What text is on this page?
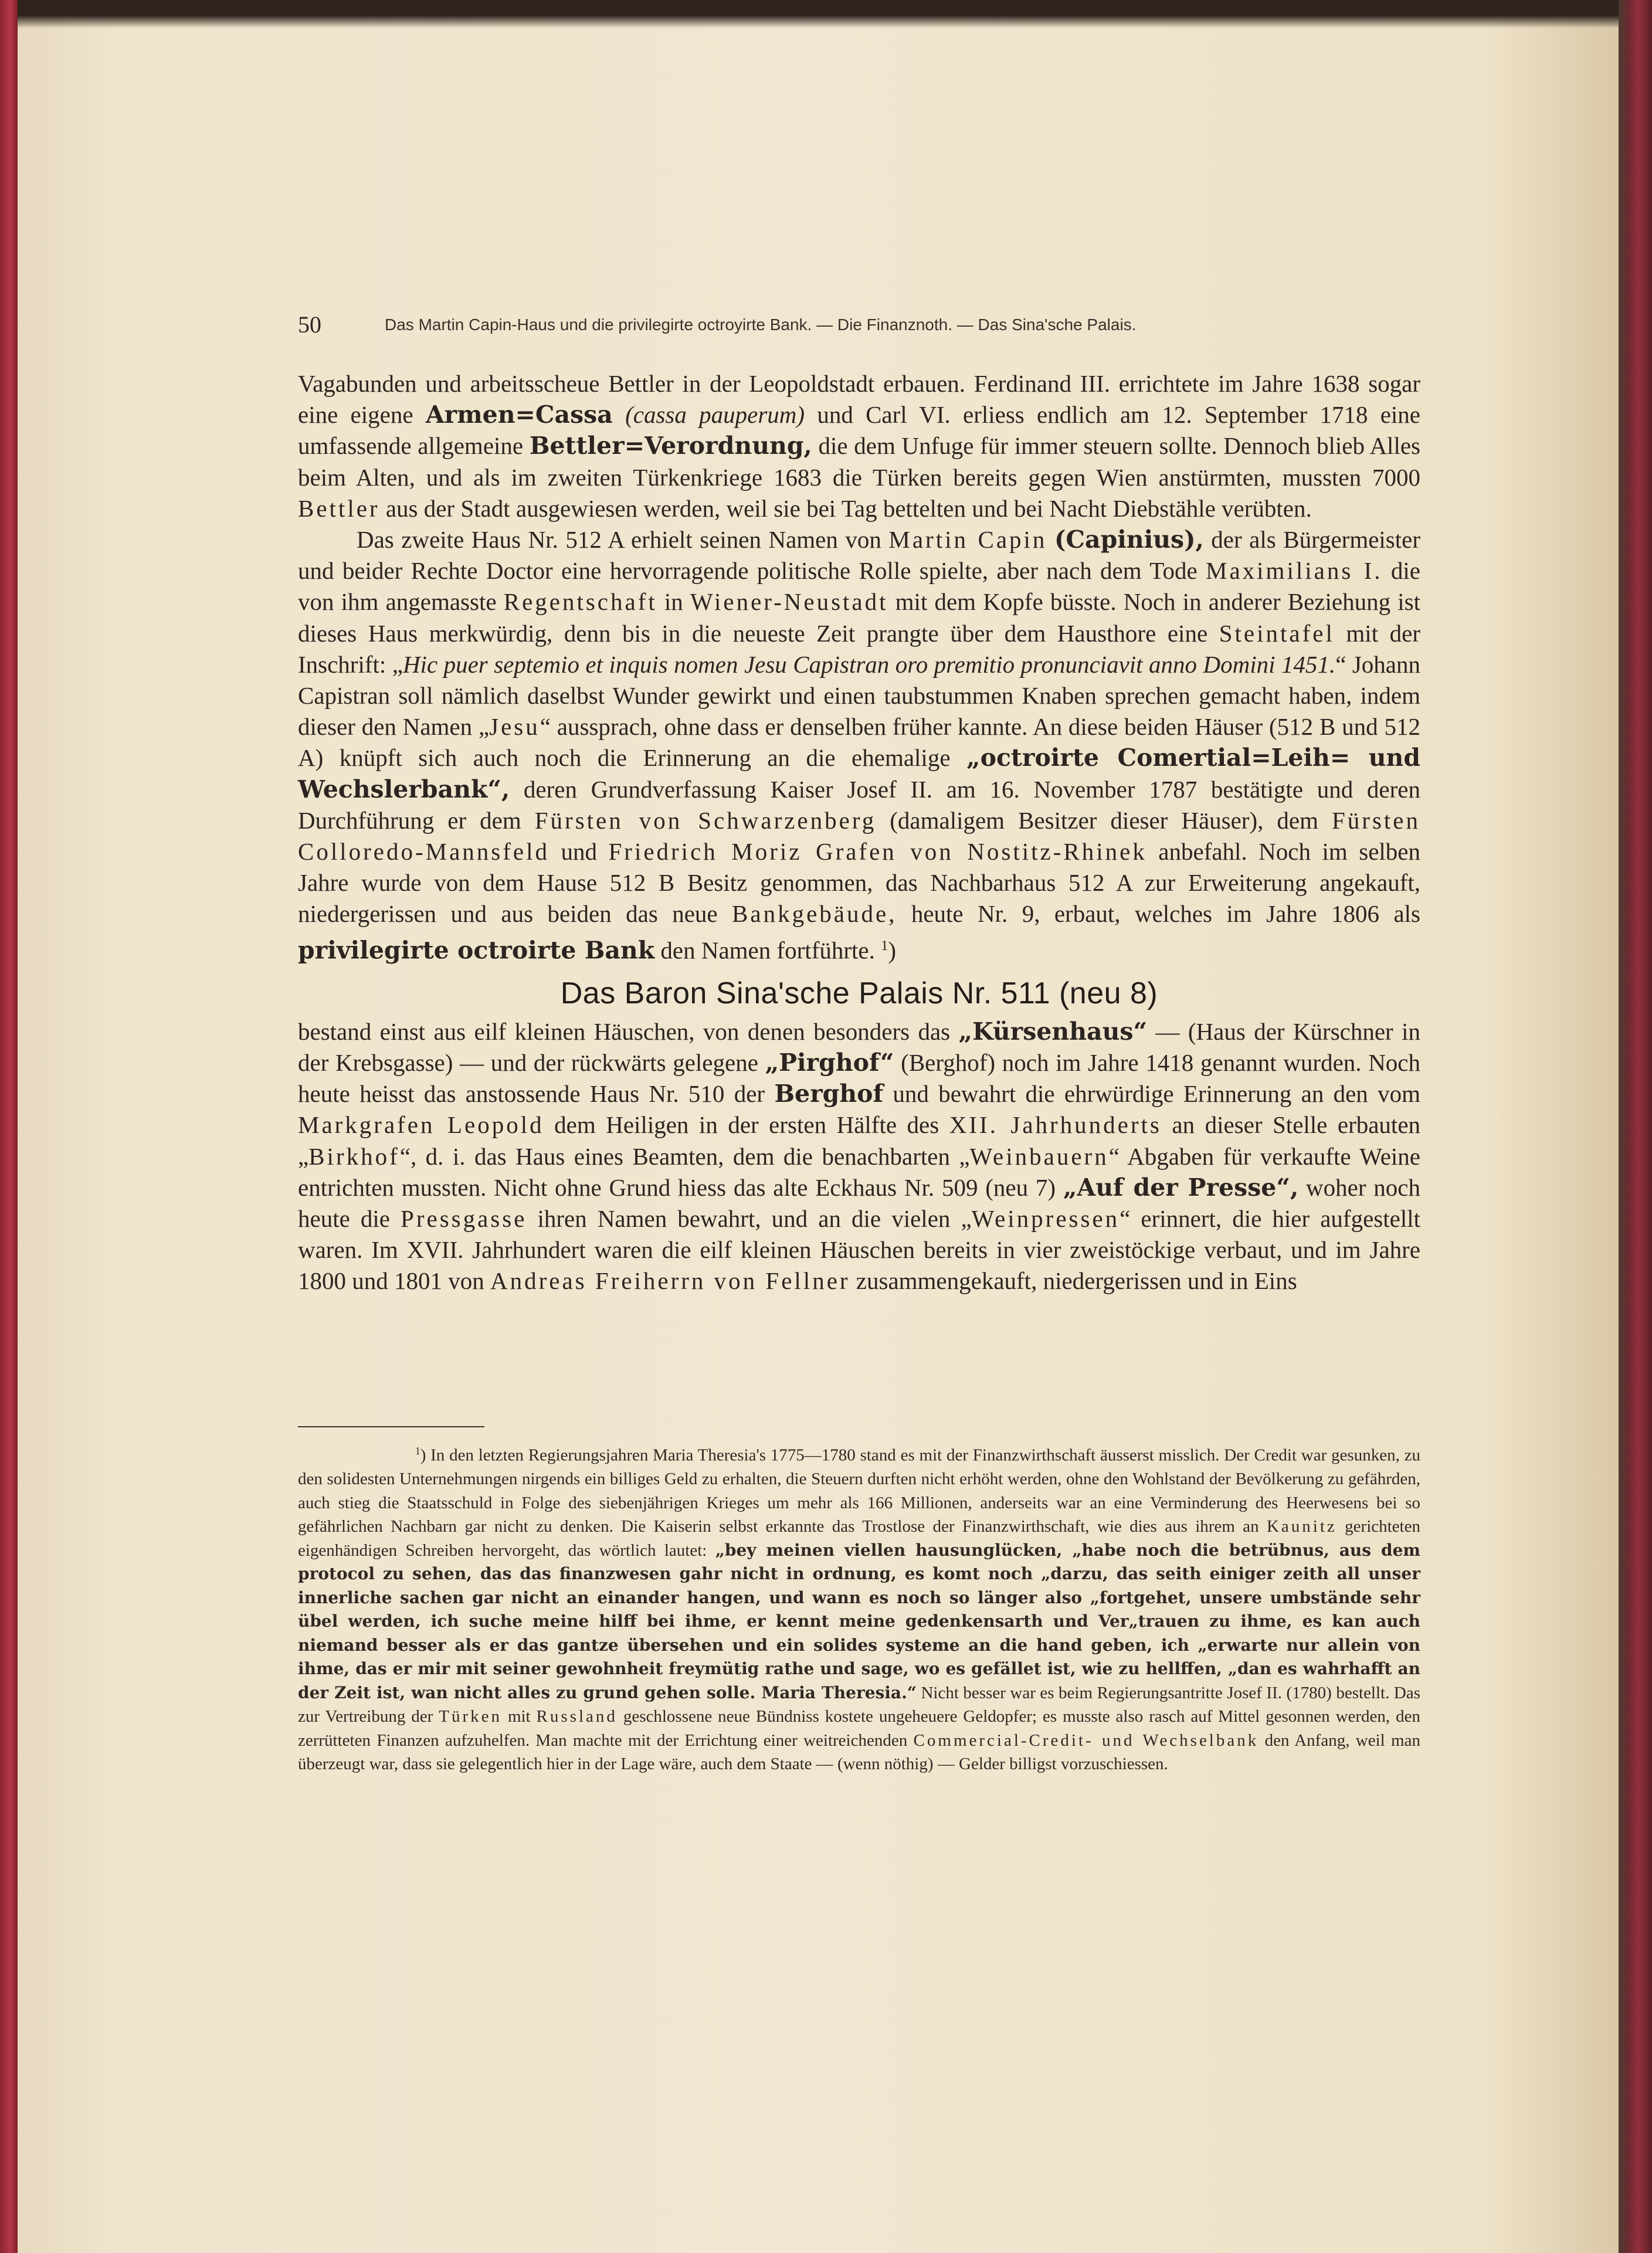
50	Das Martin Capin-Haus und die privilegirte octroyirte Bank. — Die Finanznoth. — Das Sina'sche Palais.

Vagabunden und arbeitsscheue Bettler in der Leopoldstadt erbauen. Ferdinand III. errichtete im Jahre 1638 sogar eine eigene Armen=Cassa (cassa pauperum) und Carl VI. erliess endlich am 12. September 1718 eine umfassende allgemeine Bettler=Verordnung, die dem Unfuge für immer steuern sollte. Dennoch blieb Alles beim Alten, und als im zweiten Türkenkriege 1683 die Türken bereits gegen Wien anstürmten, mussten 7000 Bettler aus der Stadt ausgewiesen werden, weil sie bei Tag bettelten und bei Nacht Diebstähle verübten.

Das zweite Haus Nr. 512 A erhielt seinen Namen von Martin Capin (Capinius), der als Bürgermeister und beider Rechte Doctor eine hervorragende politische Rolle spielte, aber nach dem Tode Maximilians I. die von ihm angemasste Regentschaft in Wiener-Neustadt mit dem Kopfe büsste. Noch in anderer Beziehung ist dieses Haus merkwürdig, denn bis in die neueste Zeit prangte über dem Hausthore eine Steintafel mit der Inschrift: „Hic puer septemio et inquis nomen Jesu Capistran oro premitio pronunciavit anno Domini 1451.“ Johann Capistran soll nämlich daselbst Wunder gewirkt und einen taubstummen Knaben sprechen gemacht haben, indem dieser den Namen „Jesu“ aussprach, ohne dass er denselben früher kannte. An diese beiden Häuser (512 B und 512 A) knüpft sich auch noch die Erinnerung an die ehemalige „octroirte Comertial=Leih= und Wechslerbank“, deren Grundverfassung Kaiser Josef II. am 16. November 1787 bestätigte und deren Durchführung er dem Fürsten von Schwarzenberg (damaligem Besitzer dieser Häuser), dem Fürsten Colloredo-Mannsfeld und Friedrich Moriz Grafen von Nostitz-Rhinek anbefahl. Noch im selben Jahre wurde von dem Hause 512 B Besitz genommen, das Nachbarhaus 512 A zur Erweiterung angekauft, niedergerissen und aus beiden das neue Bankgebäude, heute Nr. 9, erbaut, welches im Jahre 1806 als privilegirte octroirte Bank den Namen fortführte. $^1$)

Das Baron Sina'sche Palais Nr. 511 (neu 8)

bestand einst aus eilf kleinen Häuschen, von denen besonders das „Kürsenhaus“ — (Haus der Kürschner in der Krebsgasse) — und der rückwärts gelegene „Pirghof“ (Berghof) noch im Jahre 1418 genannt wurden. Noch heute heisst das anstossende Haus Nr. 510 der Berghof und bewahrt die ehrwürdige Erinnerung an den vom Markgrafen Leopold dem Heiligen in der ersten Hälfte des XII. Jahrhunderts an dieser Stelle erbauten „Birkhof“, d. i. das Haus eines Beamten, dem die benachbarten „Weinbauern“ Abgaben für verkaufte Weine entrichten mussten. Nicht ohne Grund hiess das alte Eckhaus Nr. 509 (neu 7) „Auf der Presse“, woher noch heute die Pressgasse ihren Namen bewahrt, und an die vielen „Weinpressen“ erinnert, die hier aufgestellt waren. Im XVII. Jahrhundert waren die eilf kleinen Häuschen bereits in vier zweistöckige verbaut, und im Jahre 1800 und 1801 von Andreas Freiherrn von Fellner zusammengekauft, niedergerissen und in Eins

$^1$) In den letzten Regierungsjahren Maria Theresia's 1775—1780 stand es mit der Finanzwirthschaft äusserst misslich. Der Credit war gesunken, zu den solidesten Unternehmungen nirgends ein billiges Geld zu erhalten, die Steuern durften nicht erhöht werden, ohne den Wohlstand der Bevölkerung zu gefährden, auch stieg die Staatsschuld in Folge des siebenjährigen Krieges um mehr als 166 Millionen, anderseits war an eine Verminderung des Heerwesens bei so gefährlichen Nachbarn gar nicht zu denken. Die Kaiserin selbst erkannte das Trostlose der Finanzwirthschaft, wie dies aus ihrem an Kaunitz gerichteten eigenhändigen Schreiben hervorgeht, das wörtlich lautet: „bey meinen viellen hausunglücken, „habe noch die betrübnus, aus dem protocol zu sehen, das das finanzwesen gahr nicht in ordnung, es komt noch „darzu, das seith einiger zeith all unser innerliche sachen gar nicht an einander hangen, und wann es noch so länger also „fortgehet, unsere umbstände sehr übel werden, ich suche meine hilff bei ihme, er kennt meine gedenkensarth und Ver„trauen zu ihme, es kan auch niemand besser als er das gantze übersehen und ein solides systeme an die hand geben, ich „erwarte nur allein von ihme, das er mir mit seiner gewohnheit freymütig rathe und sage, wo es gefället ist, wie zu hellffen, „dan es wahrhafft an der Zeit ist, wan nicht alles zu grund gehen solle. Maria Theresia.“ Nicht besser war es beim Regierungsantritte Josef II. (1780) bestellt. Das zur Vertreibung der Türken mit Russland geschlossene neue Bündniss kostete ungeheuere Geldopfer; es musste also rasch auf Mittel gesonnen werden, den zerrütteten Finanzen aufzuhelfen. Man machte mit der Errichtung einer weitreichenden Commercial-Credit- und Wechselbank den Anfang, weil man überzeugt war, dass sie gelegentlich hier in der Lage wäre, auch dem Staate — (wenn nöthig) — Gelder billigst vorzuschiessen.
